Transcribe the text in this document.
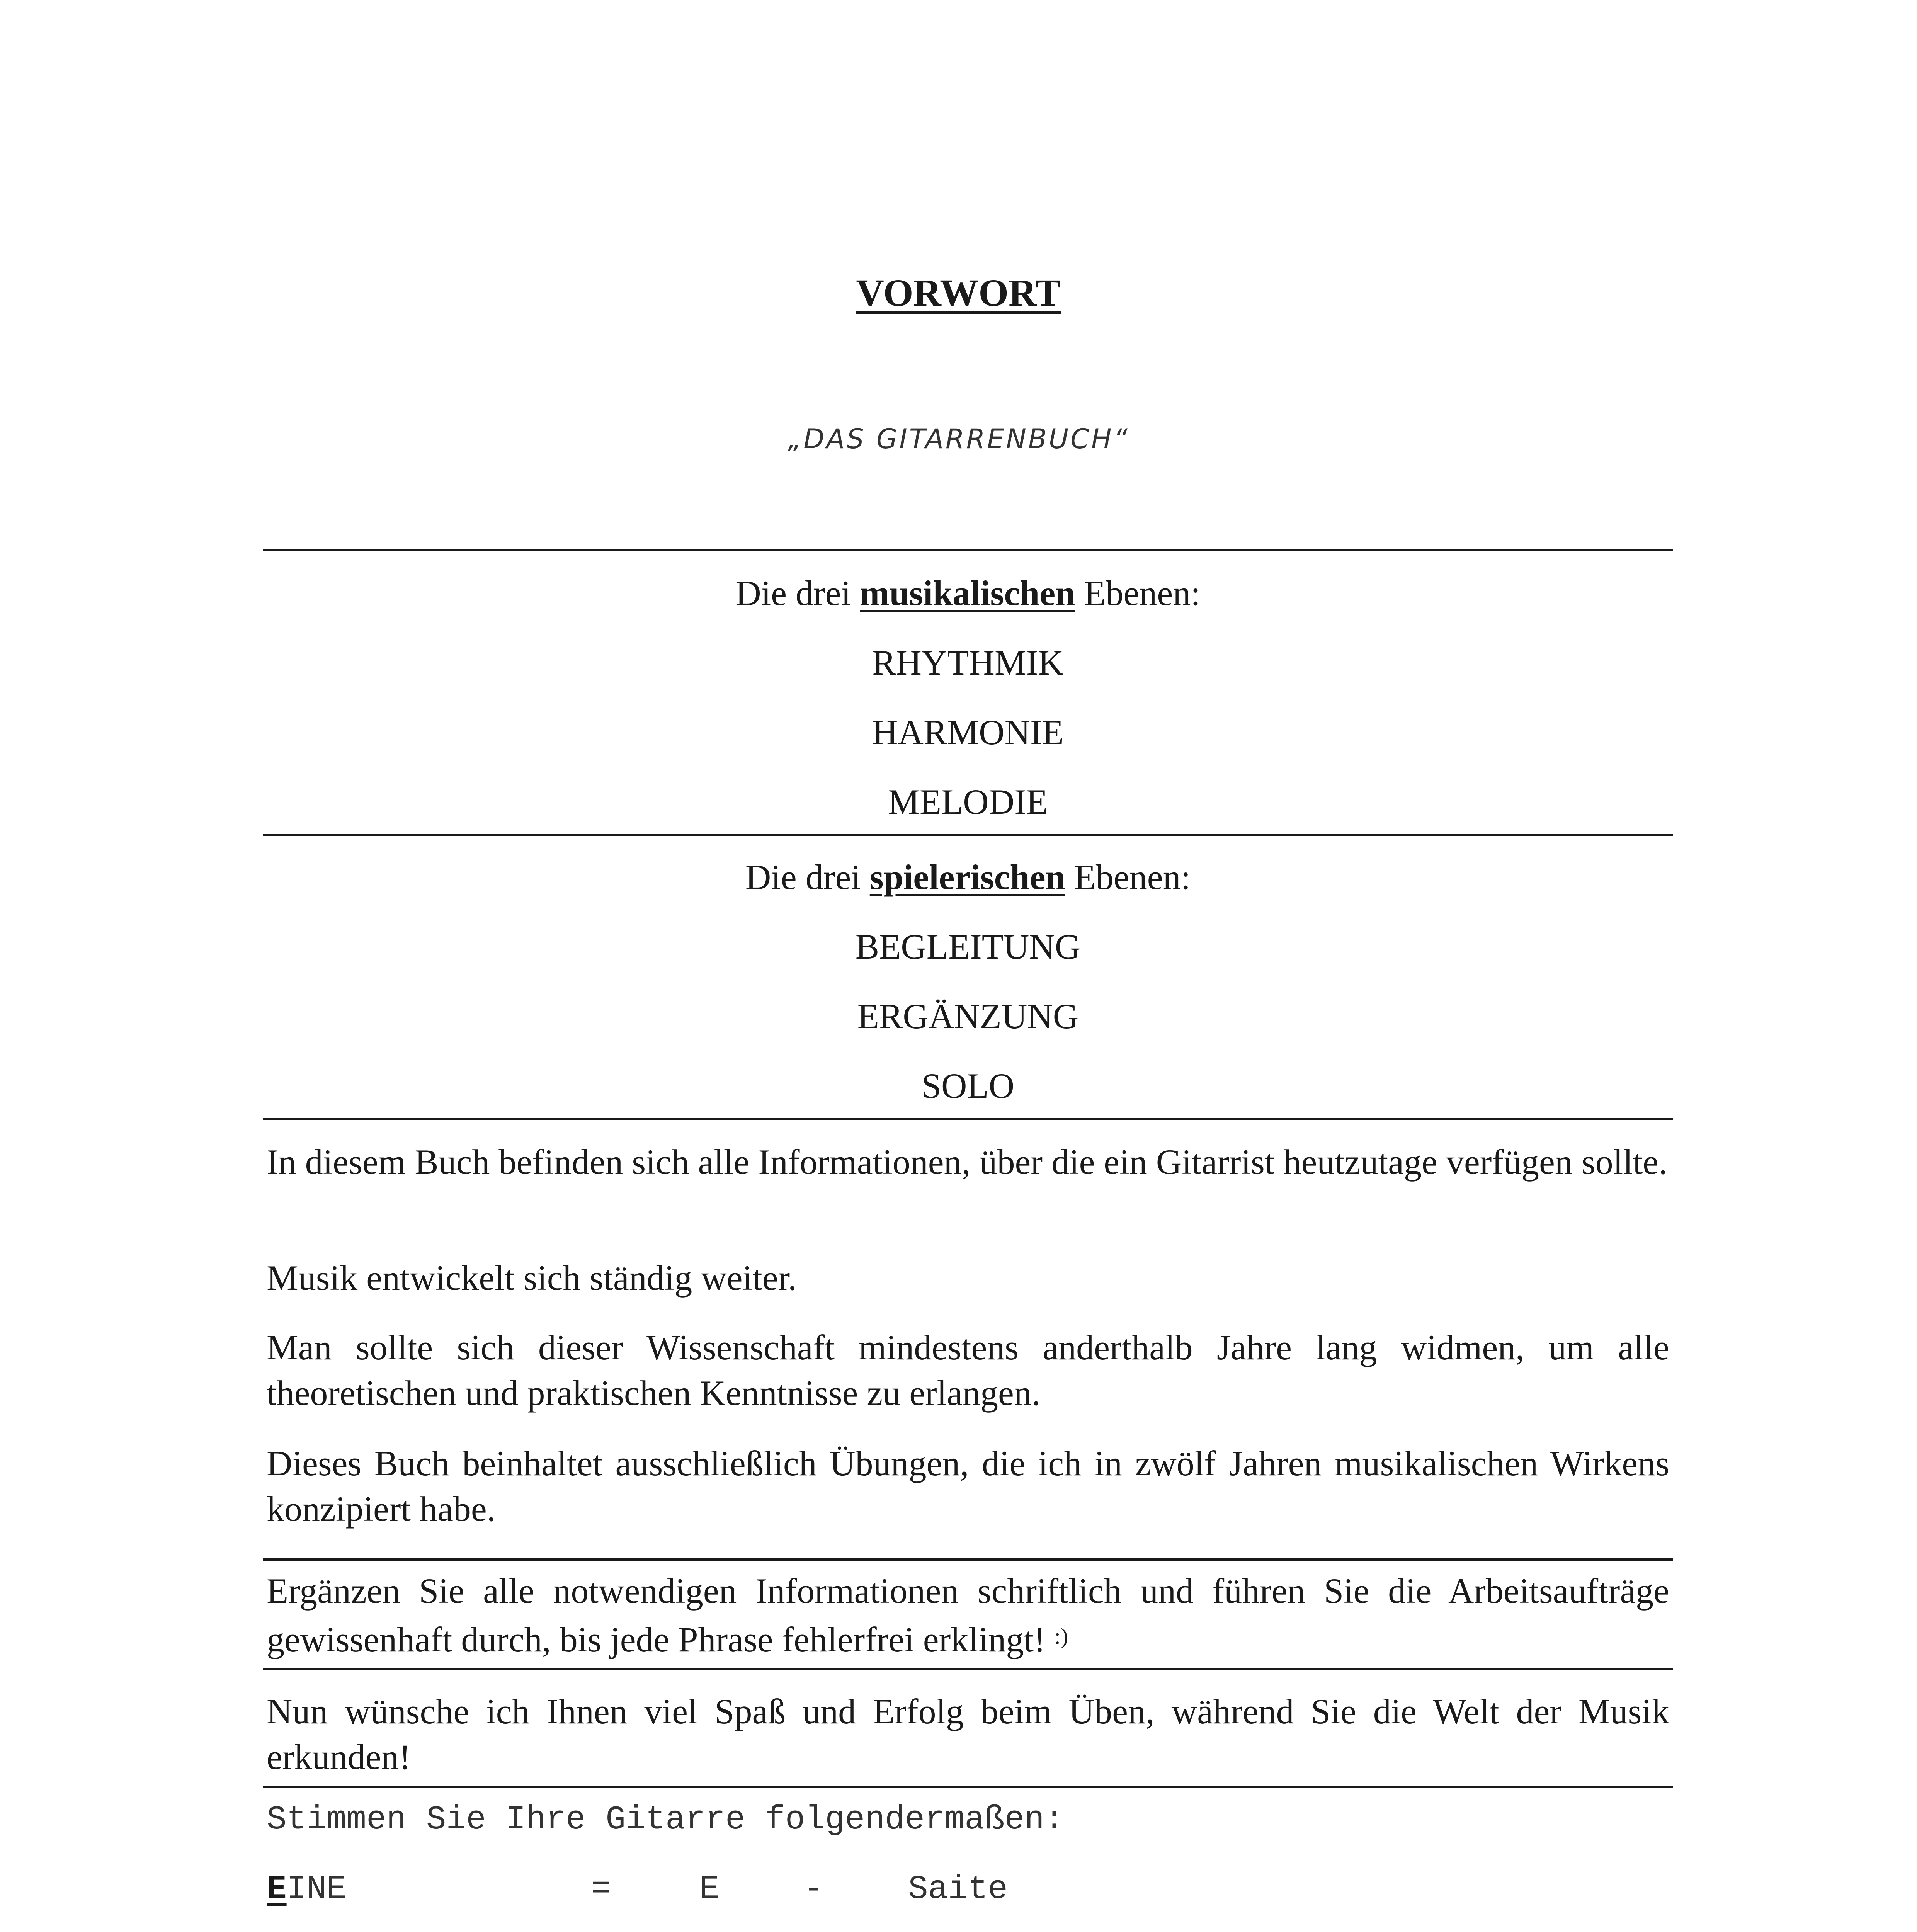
VORWORT
„DAS GITARRENBUCH“
Die drei musikalischen Ebenen:
RHYTHMIK
HARMONIE
MELODIE
Die drei spielerischen Ebenen:
BEGLEITUNG
ERGÄNZUNG
SOLO
In diesem Buch befinden sich alle Informationen, über die ein Gitarrist heutzutage verfügen sollte.
Musik entwickelt sich ständig weiter.
Man sollte sich dieser Wissenschaft mindestens anderthalb Jahre lang widmen, um alle theoretischen und praktischen Kenntnisse zu erlangen.
Dieses Buch beinhaltet ausschließlich Übungen, die ich in zwölf Jahren musikalischen Wirkens konzipiert habe.
Ergänzen Sie alle notwendigen Informationen schriftlich und führen Sie die Arbeitsaufträge gewissenhaft durch, bis jede Phrase fehlerfrei erklingt! :)
Nun wünsche ich Ihnen viel Spaß und Erfolg beim Üben, während Sie die Welt der Musik erkunden!
Stimmen Sie Ihre Gitarre folgendermaßen:
EINE	=	E	-	Saite
